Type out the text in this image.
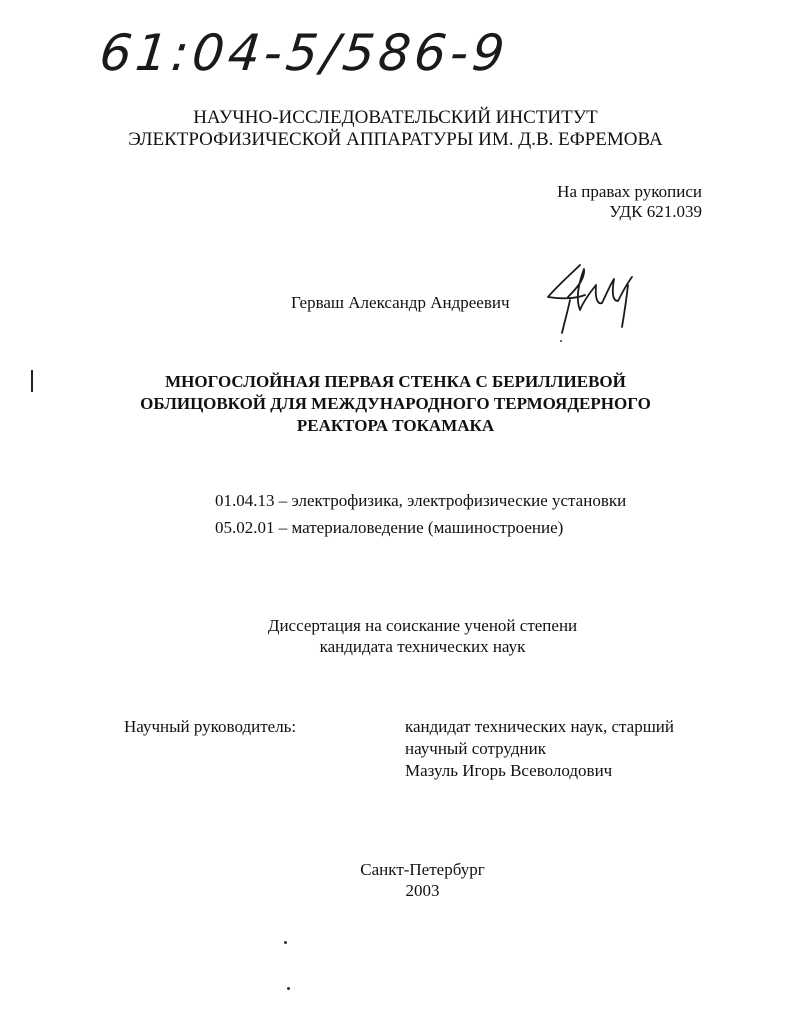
61:04-5/586-9
НАУЧНО-ИССЛЕДОВАТЕЛЬСКИЙ ИНСТИТУТ
ЭЛЕКТРОФИЗИЧЕСКОЙ АППАРАТУРЫ ИМ. Д.В. ЕФРЕМОВА
На правах рукописи
УДК 621.039
Герваш Александр Андреевич
МНОГОСЛОЙНАЯ ПЕРВАЯ СТЕНКА С БЕРИЛЛИЕВОЙ
ОБЛИЦОВКОЙ ДЛЯ МЕЖДУНАРОДНОГО ТЕРМОЯДЕРНОГО
РЕАКТОРА ТОКАМАКА
01.04.13 – электрофизика, электрофизические установки
05.02.01 – материаловедение (машиностроение)
Диссертация на соискание ученой степени
кандидата технических наук
Научный руководитель:	кандидат технических наук, старший
научный сотрудник
Мазуль Игорь Всеволодович
Санкт-Петербург
2003
